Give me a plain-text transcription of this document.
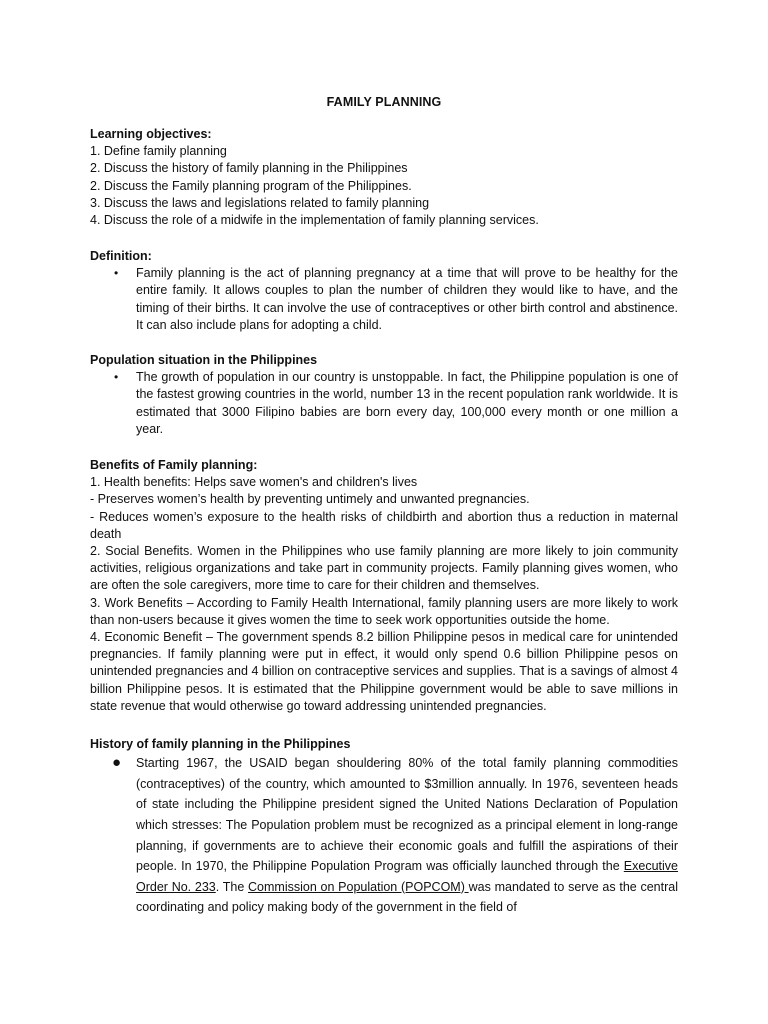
FAMILY PLANNING
Learning objectives:
1. Define family planning
2. Discuss the history of family planning in the Philippines
2. Discuss the Family planning program of the Philippines.
3. Discuss the laws and legislations related to family planning
4. Discuss the role of a midwife in the implementation of family planning services.
Definition:
• Family planning is the act of planning pregnancy at a time that will prove to be healthy for the entire family. It allows couples to plan the number of children they would like to have, and the timing of their births. It can involve the use of contraceptives or other birth control and abstinence. It can also include plans for adopting a child.
Population situation in the Philippines
• The growth of population in our country is unstoppable. In fact, the Philippine population is one of the fastest growing countries in the world, number 13 in the recent population rank worldwide. It is estimated that 3000 Filipino babies are born every day, 100,000 every month or one million a year.
Benefits of Family planning:
1. Health benefits: Helps save women's and children's lives
- Preserves women’s health by preventing untimely and unwanted pregnancies.
- Reduces women’s exposure to the health risks of childbirth and abortion thus a reduction in maternal death
2. Social Benefits. Women in the Philippines who use family planning are more likely to join community activities, religious organizations and take part in community projects. Family planning gives women, who are often the sole caregivers, more time to care for their children and themselves.
3. Work Benefits – According to Family Health International, family planning users are more likely to work than non-users because it gives women the time to seek work opportunities outside the home.
4. Economic Benefit – The government spends 8.2 billion Philippine pesos in medical care for unintended pregnancies. If family planning were put in effect, it would only spend 0.6 billion Philippine pesos on unintended pregnancies and 4 billion on contraceptive services and supplies. That is a savings of almost 4 billion Philippine pesos. It is estimated that the Philippine government would be able to save millions in state revenue that would otherwise go toward addressing unintended pregnancies.
History of family planning in the Philippines
● Starting 1967, the USAID began shouldering 80% of the total family planning commodities (contraceptives) of the country, which amounted to $3million annually. In 1976, seventeen heads of state including the Philippine president signed the United Nations Declaration of Population which stresses: The Population problem must be recognized as a principal element in long-range planning, if governments are to achieve their economic goals and fulfill the aspirations of their people. In 1970, the Philippine Population Program was officially launched through the Executive Order No. 233. The Commission on Population (POPCOM) was mandated to serve as the central coordinating and policy making body of the government in the field of
